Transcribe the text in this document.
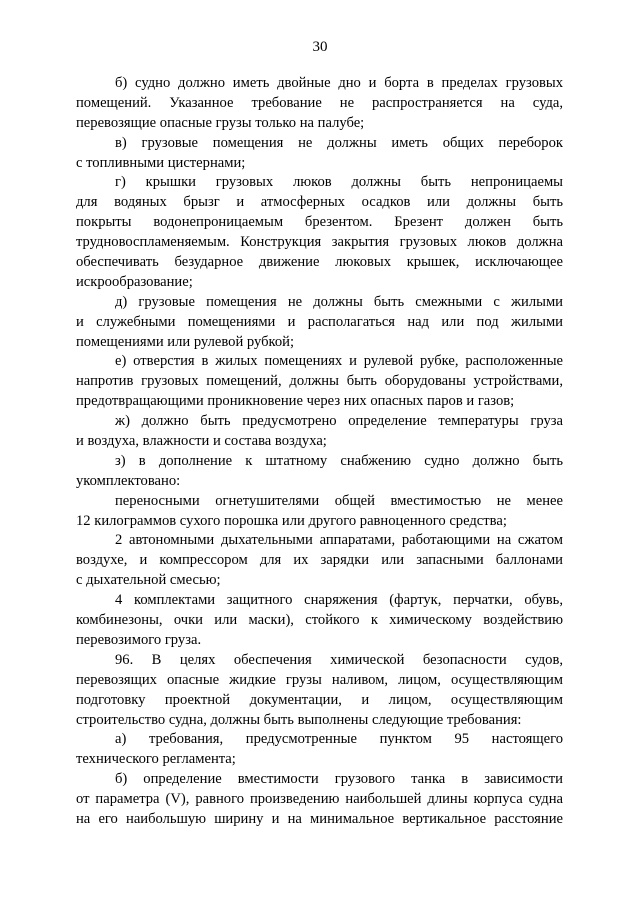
30
б) судно должно иметь двойные дно и борта в пределах грузовых
помещений. Указанное требование не распространяется на суда,
перевозящие опасные грузы только на палубе;
в) грузовые помещения не должны иметь общих переборок
с топливными цистернами;
г) крышки грузовых люков должны быть непроницаемы
для водяных брызг и атмосферных осадков или должны быть
покрыты водонепроницаемым брезентом. Брезент должен быть
трудновоспламеняемым. Конструкция закрытия грузовых люков должна
обеспечивать безударное движение люковых крышек, исключающее
искрообразование;
д) грузовые помещения не должны быть смежными с жилыми
и служебными помещениями и располагаться над или под жилыми
помещениями или рулевой рубкой;
е) отверстия в жилых помещениях и рулевой рубке, расположенные
напротив грузовых помещений, должны быть оборудованы устройствами,
предотвращающими проникновение через них опасных паров и газов;
ж) должно быть предусмотрено определение температуры груза
и воздуха, влажности и состава воздуха;
з) в дополнение к штатному снабжению судно должно быть
укомплектовано:
переносными огнетушителями общей вместимостью не менее
12 килограммов сухого порошка или другого равноценного средства;
2 автономными дыхательными аппаратами, работающими на сжатом
воздухе, и компрессором для их зарядки или запасными баллонами
с дыхательной смесью;
4 комплектами защитного снаряжения (фартук, перчатки, обувь,
комбинезоны, очки или маски), стойкого к химическому воздействию
перевозимого груза.
96. В целях обеспечения химической безопасности судов,
перевозящих опасные жидкие грузы наливом, лицом, осуществляющим
подготовку проектной документации, и лицом, осуществляющим
строительство судна, должны быть выполнены следующие требования:
а) требования, предусмотренные пунктом 95 настоящего
технического регламента;
б) определение вместимости грузового танка в зависимости
от параметра (V), равного произведению наибольшей длины корпуса судна
на его наибольшую ширину и на минимальное вертикальное расстояние
